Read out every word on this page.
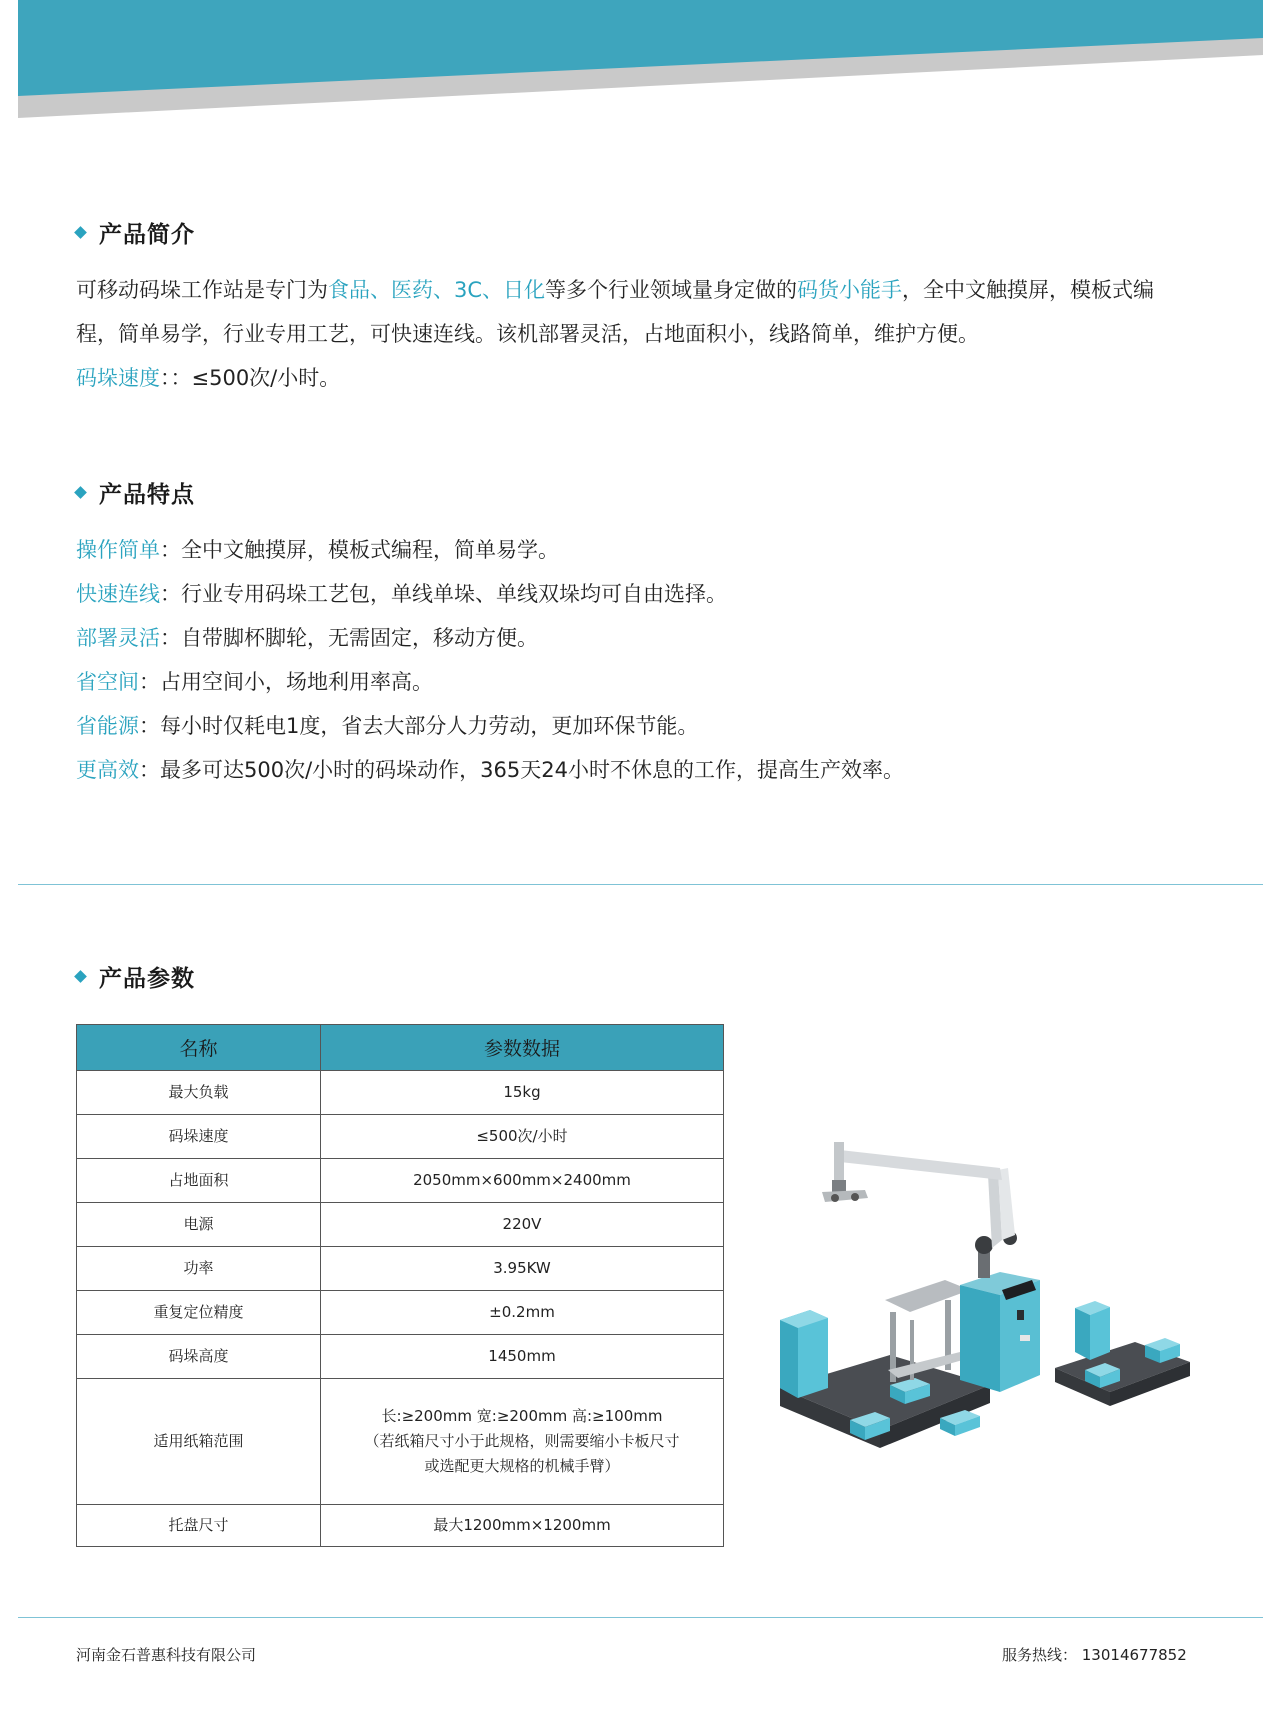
产品简介
可移动码垛工作站是专门为食品、医药、3C、日化等多个行业领域量身定做的码货小能手，全中文触摸屏，模板式编程，简单易学，行业专用工艺，可快速连线。该机部署灵活，占地面积小，线路简单，维护方便。
码垛速度：：≤500次/小时。
产品特点
操作简单：全中文触摸屏，模板式编程，简单易学。
快速连线：行业专用码垛工艺包，单线单垛、单线双垛均可自由选择。
部署灵活：自带脚杯脚轮，无需固定，移动方便。
省空间：占用空间小，场地利用率高。
省能源：每小时仅耗电1度，省去大部分人力劳动，更加环保节能。
更高效：最多可达500次/小时的码垛动作，365天24小时不休息的工作，提高生产效率。
产品参数
名称	参数数据
最大负载	15kg
码垛速度	≤500次/小时
占地面积	2050mm×600mm×2400mm
电源	220V
功率	3.95KW
重复定位精度	±0.2mm
码垛高度	1450mm
适用纸箱范围	长:≥200mm 宽:≥200mm 高:≥100mm
（若纸箱尺寸小于此规格，则需要缩小卡板尺寸
或选配更大规格的机械手臂）

托盘尺寸	最大1200mm×1200mm
河南金石普惠科技有限公司	服务热线： 13014677852
